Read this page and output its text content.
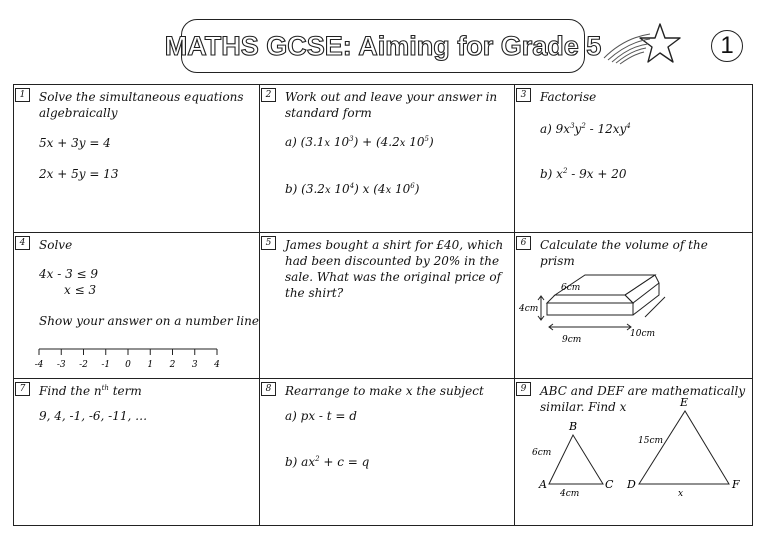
MATHS GCSE: Aiming for Grade 5	1
1	Solve the simultaneous equations algebraically
5x + 3y = 4
2x + 5y = 13
2	Work out and leave your answer in standard form
a) (3.1x $10^3) + (4.2x$ $10^5$)
b) (3.2x $10^4$) x (4x $10^6$)
3	Factorise
a) $9x^3y^2 - 12xy^4$
b) $x^2 - 9x + 20$
4	Solve
4x - 3 ≤ 9
x ≤ 3
Show your answer on a number line
-4 -3 -2 -1 0 1 2 3 4
5	James bought a shirt for £40, which had been discounted by 20% in the sale. What was the original price of the shirt?
6	Calculate the volume of the prism
6cm
4cm
10cm
9cm
7	Find the $n^{th}$ term
9, 4, -1, -6, -11, …
8	Rearrange to make x the subject
a) px - t = d
b) $ax^2 + c = q$
9	ABC and DEF are mathematically similar. Find x
A
B
C
6cm
4cm
D
E
F
15cm
x
